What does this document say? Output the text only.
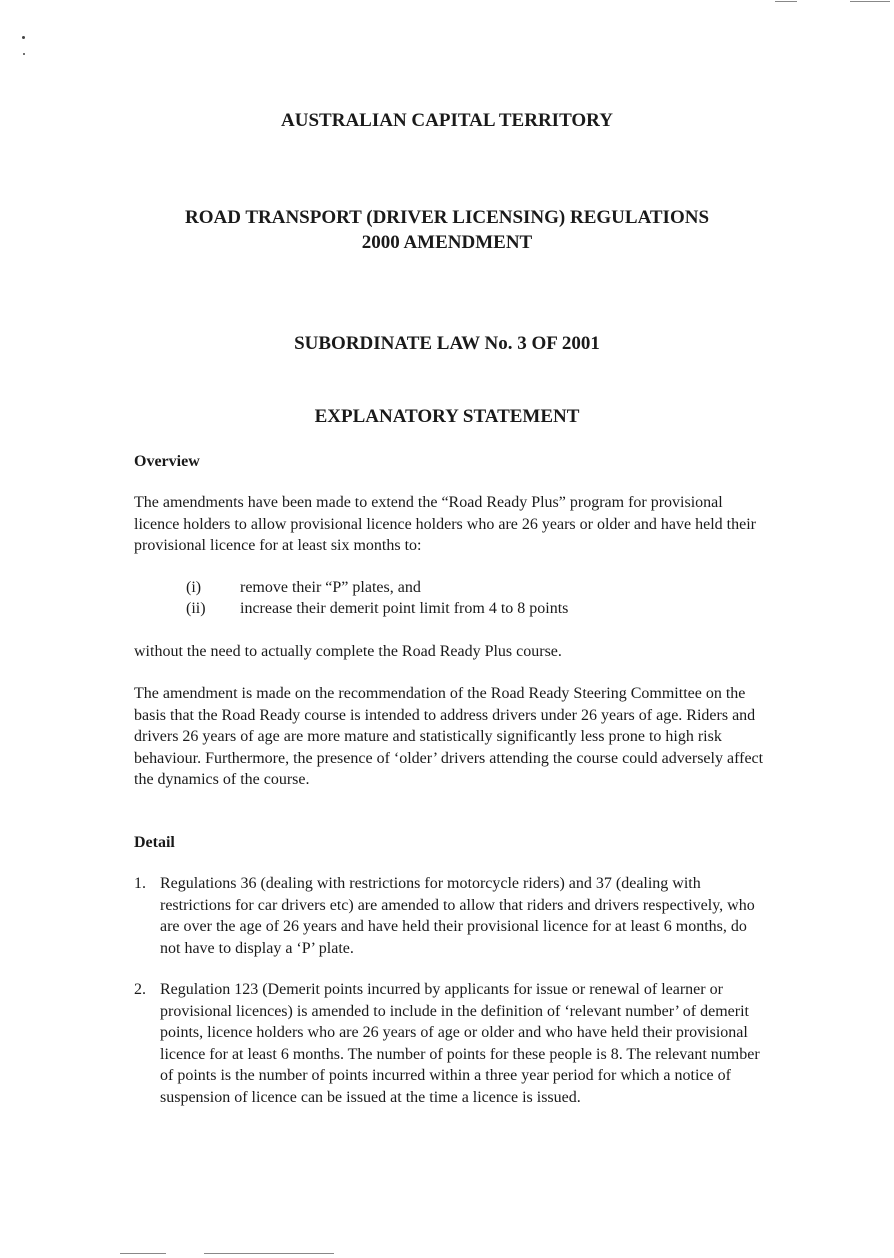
AUSTRALIAN CAPITAL TERRITORY
ROAD TRANSPORT (DRIVER LICENSING) REGULATIONS
2000 AMENDMENT
SUBORDINATE LAW No. 3 OF 2001
EXPLANATORY STATEMENT
Overview

The amendments have been made to extend the “Road Ready Plus” program for provisional licence holders to allow provisional licence holders who are 26 years or older and have held their provisional licence for at least six months to:

(i)	remove their “P” plates, and
(ii)	increase their demerit point limit from 4 to 8 points

without the need to actually complete the Road Ready Plus course.

The amendment is made on the recommendation of the Road Ready Steering Committee on the basis that the Road Ready course is intended to address drivers under 26 years of age. Riders and drivers 26 years of age are more mature and statistically significantly less prone to high risk behaviour. Furthermore, the presence of ‘older’ drivers attending the course could adversely affect the dynamics of the course.

Detail
1. Regulations 36 (dealing with restrictions for motorcycle riders) and 37 (dealing with restrictions for car drivers etc) are amended to allow that riders and drivers respectively, who are over the age of 26 years and have held their provisional licence for at least 6 months, do not have to display a ‘P’ plate.
2. Regulation 123 (Demerit points incurred by applicants for issue or renewal of learner or provisional licences) is amended to include in the definition of ‘relevant number’ of demerit points, licence holders who are 26 years of age or older and who have held their provisional licence for at least 6 months. The number of points for these people is 8. The relevant number of points is the number of points incurred within a three year period for which a notice of suspension of licence can be issued at the time a licence is issued.
